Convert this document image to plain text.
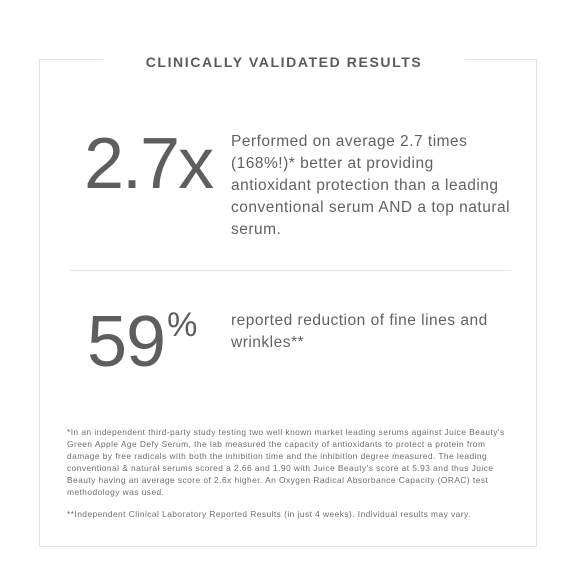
CLINICALLY VALIDATED RESULTS
2.7x Performed on average 2.7 times (168%!)* better at providing antioxidant protection than a leading conventional serum AND a top natural serum.
59% reported reduction of fine lines and wrinkles**
*In an independent third-party study testing two well known market leading serums against Juice Beauty's Green Apple Age Defy Serum, the lab measured the capacity of antioxidants to protect a protein from damage by free radicals with both the inhibition time and the inhibition degree measured. The leading conventional & natural serums scored a 2.66 and 1.90 with Juice Beauty's score at 5.93 and thus Juice Beauty having an average score of 2.6x higher. An Oxygen Radical Absorbance Capacity (ORAC) test methodology was used.
**Independent Clinical Laboratory Reported Results (in just 4 weeks). Individual results may vary.
